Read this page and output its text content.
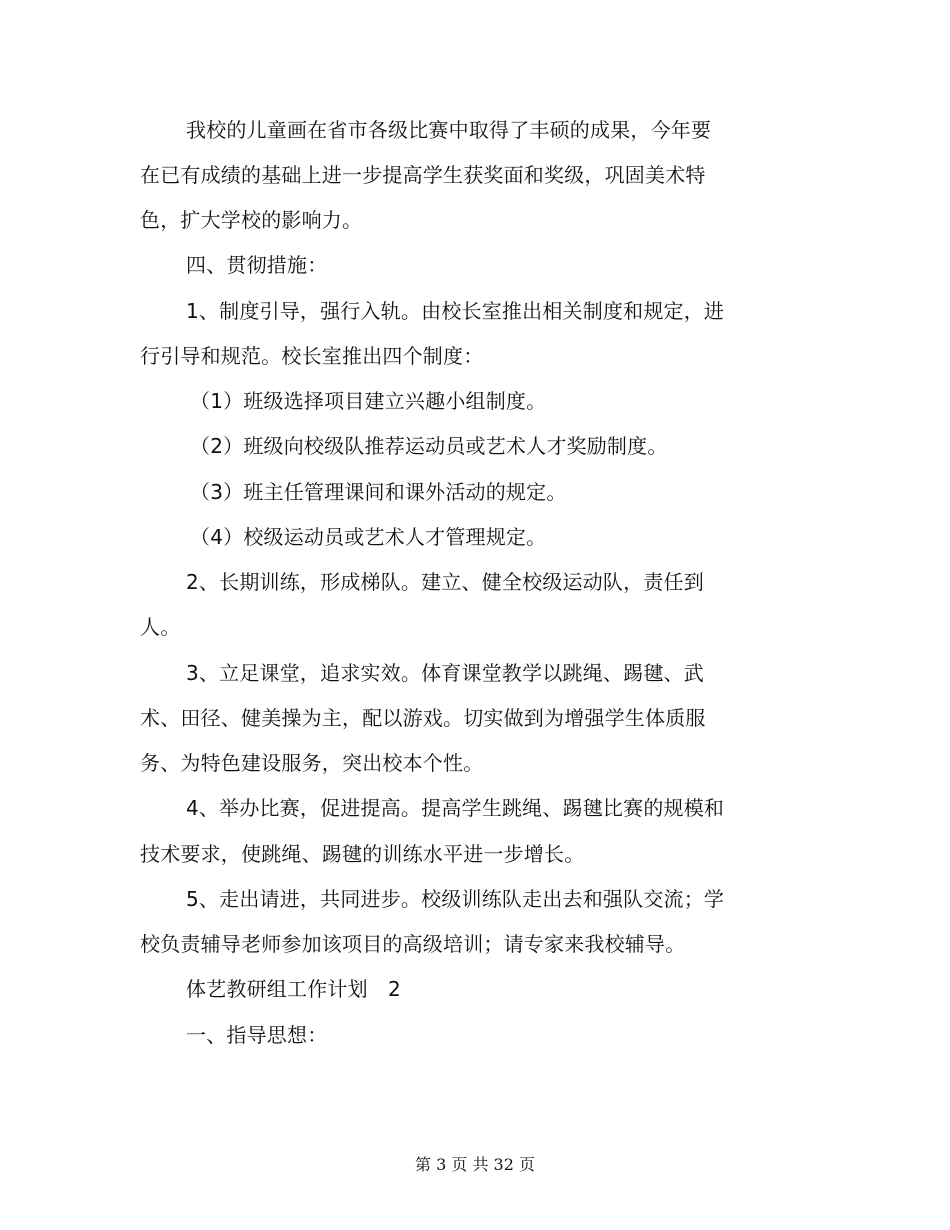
我校的儿童画在省市各级比赛中取得了丰硕的成果，今年要
在已有成绩的基础上进一步提高学生获奖面和奖级，巩固美术特
色，扩大学校的影响力。
四、贯彻措施：
1、制度引导，强行入轨。由校长室推出相关制度和规定，进
行引导和规范。校长室推出四个制度：
（1）班级选择项目建立兴趣小组制度。
（2）班级向校级队推荐运动员或艺术人才奖励制度。
（3）班主任管理课间和课外活动的规定。
（4）校级运动员或艺术人才管理规定。
2、长期训练，形成梯队。建立、健全校级运动队，责任到
人。
3、立足课堂，追求实效。体育课堂教学以跳绳、踢毽、武
术、田径、健美操为主，配以游戏。切实做到为增强学生体质服
务、为特色建设服务，突出校本个性。
4、举办比赛，促进提高。提高学生跳绳、踢毽比赛的规模和
技术要求，使跳绳、踢毽的训练水平进一步增长。
5、走出请进，共同进步。校级训练队走出去和强队交流；学
校负责辅导老师参加该项目的高级培训；请专家来我校辅导。
体艺教研组工作计划　2
一、指导思想：
第 3 页 共 32 页
